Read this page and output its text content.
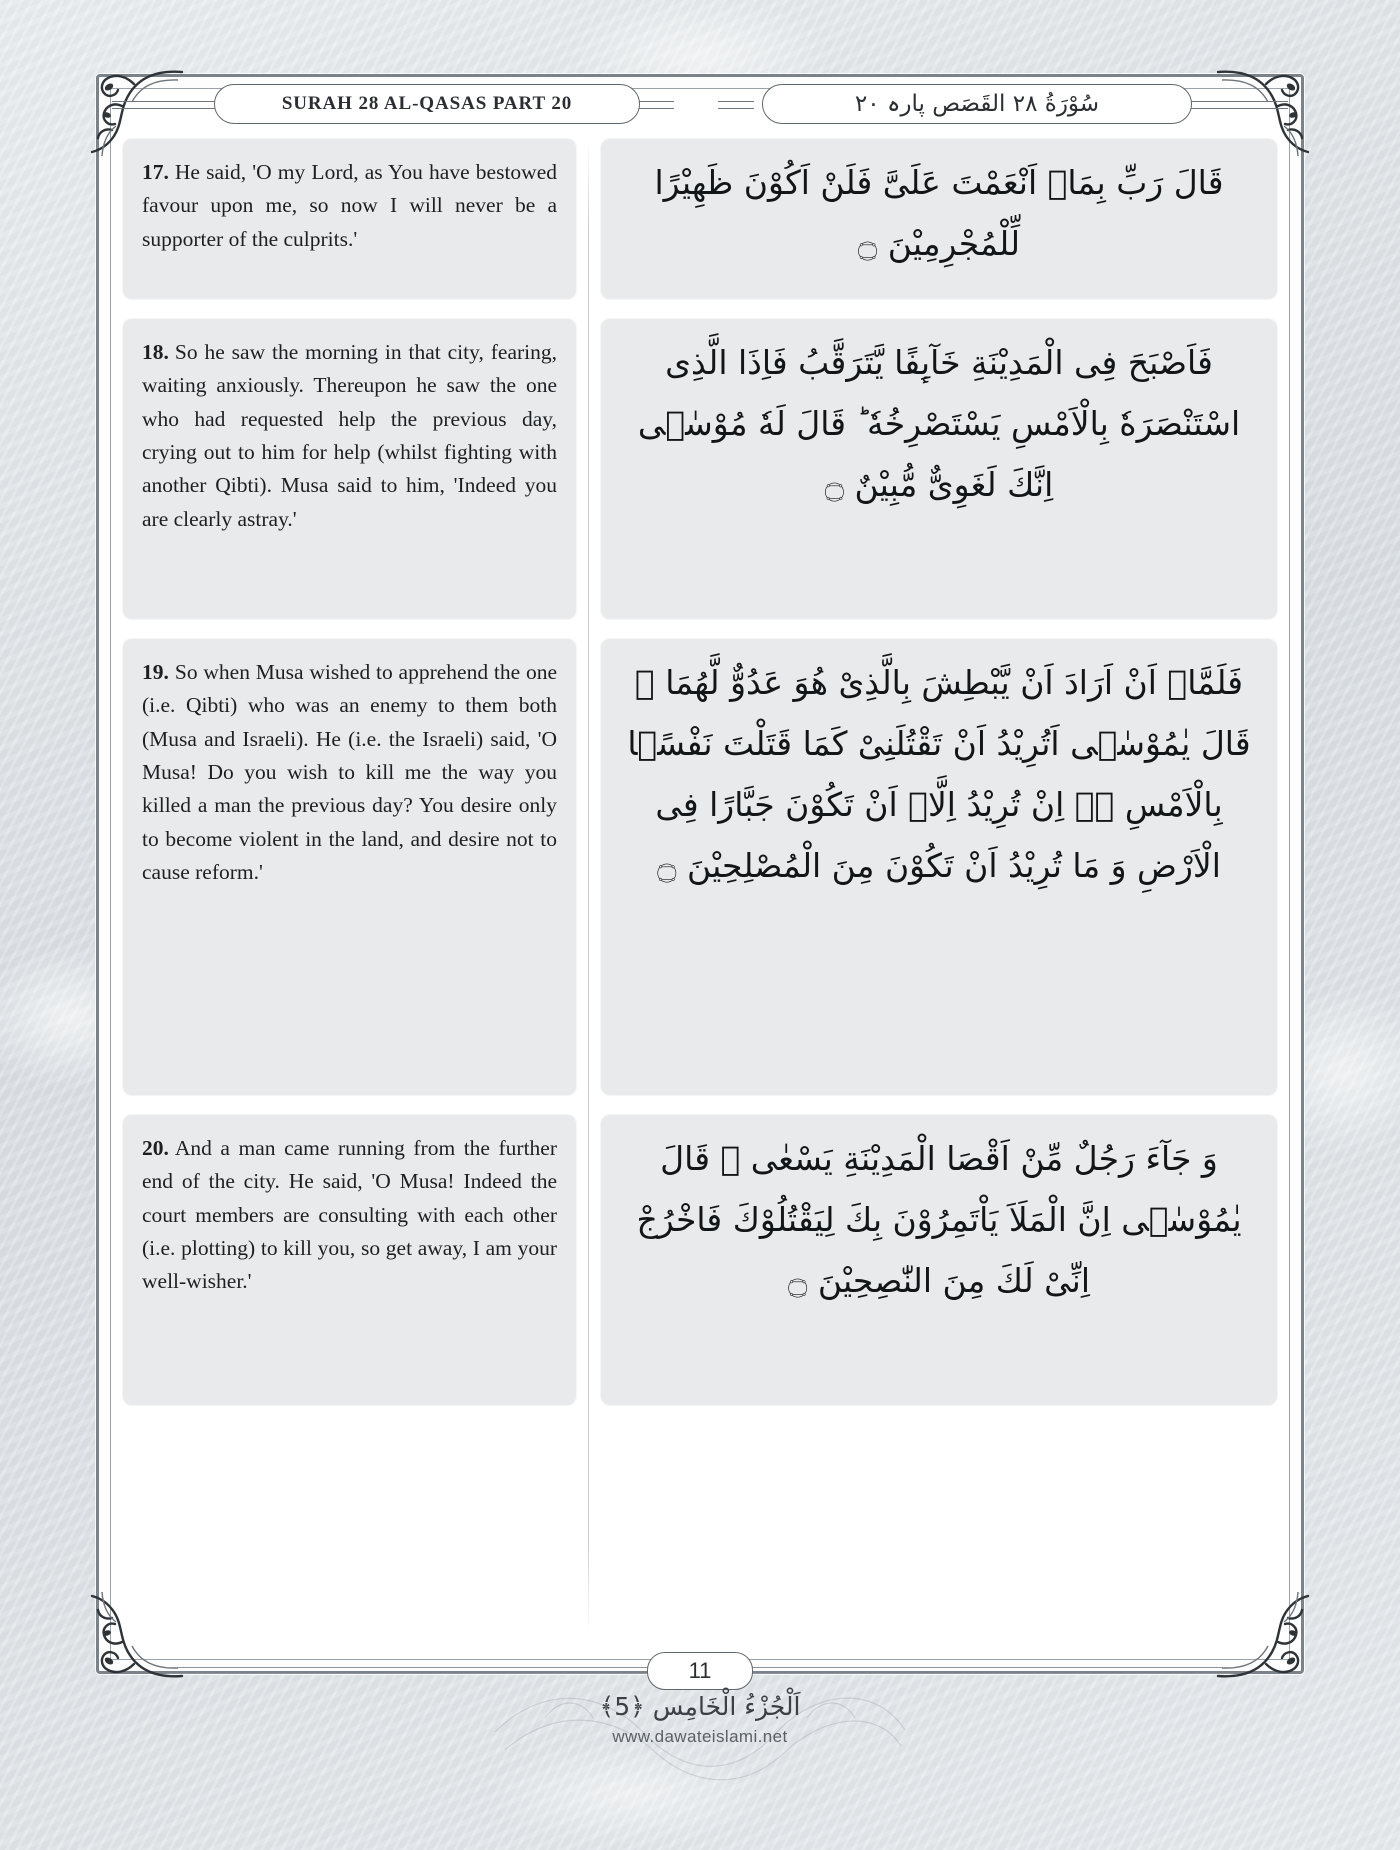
SURAH 28 AL-QASAS PART 20	سُوْرَةُ ٢٨ القَصَص پارہ ٢٠
17. He said, 'O my Lord, as You have bestowed favour upon me, so now I will never be a supporter of the culprits.'
18. So he saw the morning in that city, fearing, waiting anxiously. Thereupon he saw the one who had requested help the previous day, crying out to him for help (whilst fighting with another Qibti). Musa said to him, 'Indeed you are clearly astray.'
19. So when Musa wished to apprehend the one (i.e. Qibti) who was an enemy to them both (Musa and Israeli). He (i.e. the Israeli) said, 'O Musa! Do you wish to kill me the way you killed a man the previous day? You desire only to become violent in the land, and desire not to cause reform.'
20. And a man came running from the further end of the city. He said, 'O Musa! Indeed the court members are consulting with each other (i.e. plotting) to kill you, so get away, I am your well-wisher.'
قَالَ رَبِّ بِمَاۤ اَنْعَمْتَ عَلَیَّ فَلَنْ اَكُوْنَ ظَهِیْرًا لِّلْمُجْرِمِیْنَ ۝
فَاَصْبَحَ فِی الْمَدِیْنَةِ خَآىِٕفًا یَّتَرَقَّبُ فَاِذَا الَّذِی اسْتَنْصَرَهٗ بِالْاَمْسِ یَسْتَصْرِخُهٗ ؕ قَالَ لَهٗ مُوْسٰۤى اِنَّكَ لَغَوِیٌّ مُّبِیْنٌ ۝
فَلَمَّاۤ اَنْ اَرَادَ اَنْ یَّبْطِشَ بِالَّذِیْ هُوَ عَدُوٌّ لَّهُمَا ۙ قَالَ یٰمُوْسٰۤى اَتُرِیْدُ اَنْ تَقْتُلَنِیْ كَمَا قَتَلْتَ نَفْسًۢا بِالْاَمْسِ ۖۗ اِنْ تُرِیْدُ اِلَّاۤ اَنْ تَكُوْنَ جَبَّارًا فِی الْاَرْضِ وَ مَا تُرِیْدُ اَنْ تَكُوْنَ مِنَ الْمُصْلِحِیْنَ ۝
وَ جَآءَ رَجُلٌ مِّنْ اَقْصَا الْمَدِیْنَةِ یَسْعٰى ۡ قَالَ یٰمُوْسٰۤى اِنَّ الْمَلَاَ یَاْتَمِرُوْنَ بِكَ لِیَقْتُلُوْكَ فَاخْرُجْ اِنِّیْ لَكَ مِنَ النّٰصِحِیْنَ ۝
11
اَلْجُزْءُ الْخَامِس ﴿5﴾
www.dawateislami.net
